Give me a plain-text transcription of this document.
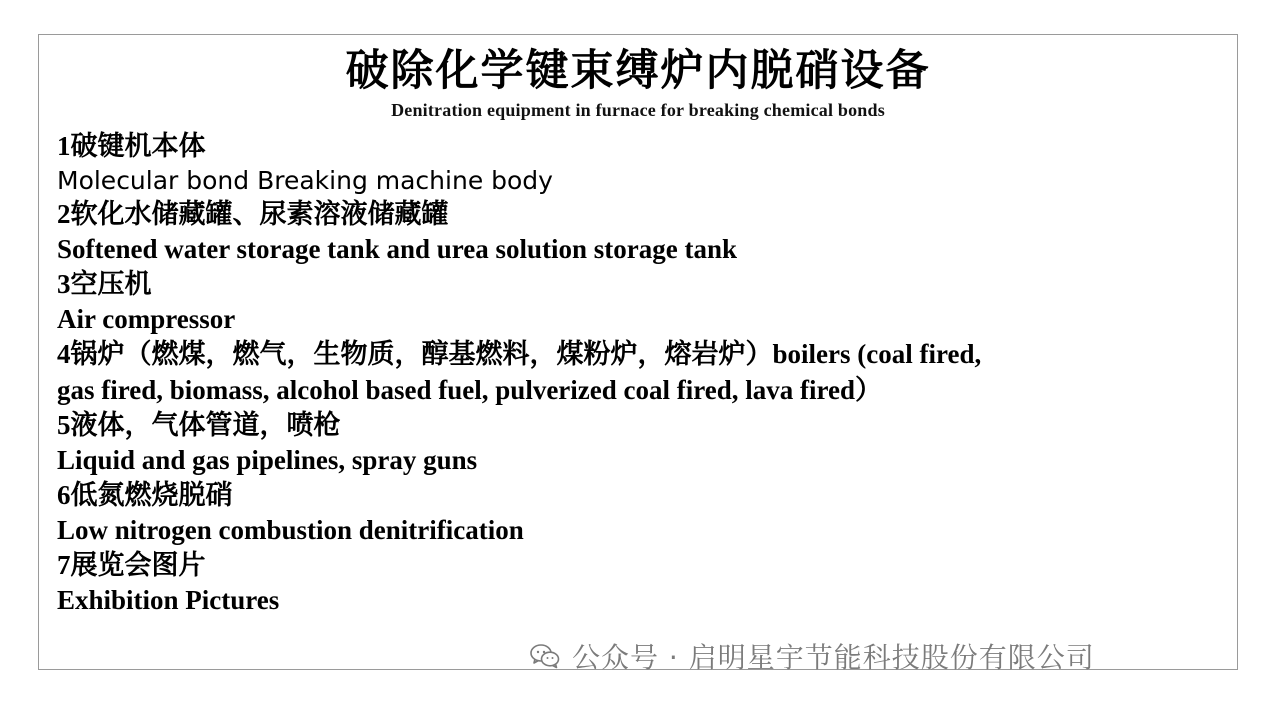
破除化学键束缚炉内脱硝设备
Denitration equipment in furnace for breaking chemical bonds
1破键机本体
Molecular bond Breaking machine body
2软化水储藏罐、尿素溶液储藏罐
Softened water storage tank and urea solution storage tank
3空压机
Air compressor
4锅炉（燃煤，燃气，生物质，醇基燃料，煤粉炉，熔岩炉）boilers (coal fired,
gas fired, biomass, alcohol based fuel, pulverized coal fired, lava fired）
5液体，气体管道，喷枪
Liquid and gas pipelines, spray guns
6低氮燃烧脱硝
Low nitrogen combustion denitrification
7展览会图片
Exhibition Pictures
公众号 · 启明星宇节能科技股份有限公司
